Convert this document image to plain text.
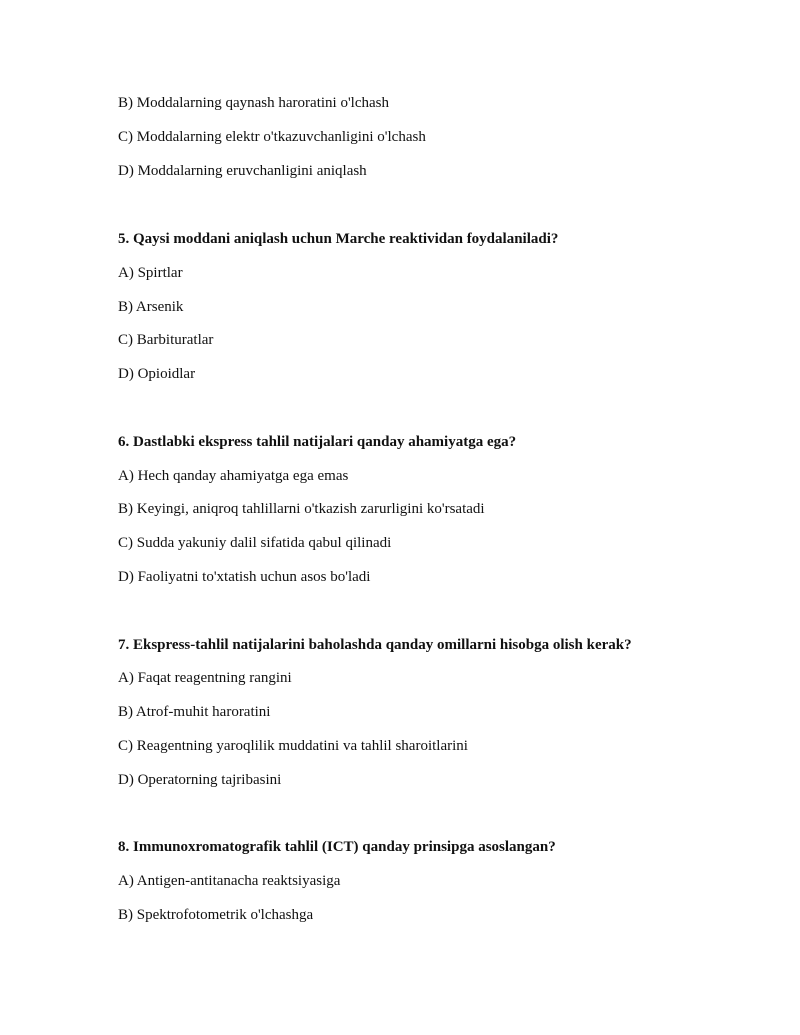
B) Moddalarning qaynash haroratini o'lchash
C) Moddalarning elektr o'tkazuvchanligini o'lchash
D) Moddalarning eruvchanligini aniqlash
5. Qaysi moddani aniqlash uchun Marche reaktividan foydalaniladi?
A) Spirtlar
B) Arsenik
C) Barbituratlar
D) Opioidlar
6. Dastlabki ekspress tahlil natijalari qanday ahamiyatga ega?
A) Hech qanday ahamiyatga ega emas
B) Keyingi, aniqroq tahlillarni o'tkazish zarurligini ko'rsatadi
C) Sudda yakuniy dalil sifatida qabul qilinadi
D) Faoliyatni to'xtatish uchun asos bo'ladi
7. Ekspress-tahlil natijalarini baholashda qanday omillarni hisobga olish kerak?
A) Faqat reagentning rangini
B) Atrof-muhit haroratini
C) Reagentning yaroqlilik muddatini va tahlil sharoitlarini
D) Operatorning tajribasini
8. Immunoxromatografik tahlil (ICT) qanday prinsipga asoslangan?
A) Antigen-antitanacha reaktsiyasiga
B) Spektrofotometrik o'lchashga
